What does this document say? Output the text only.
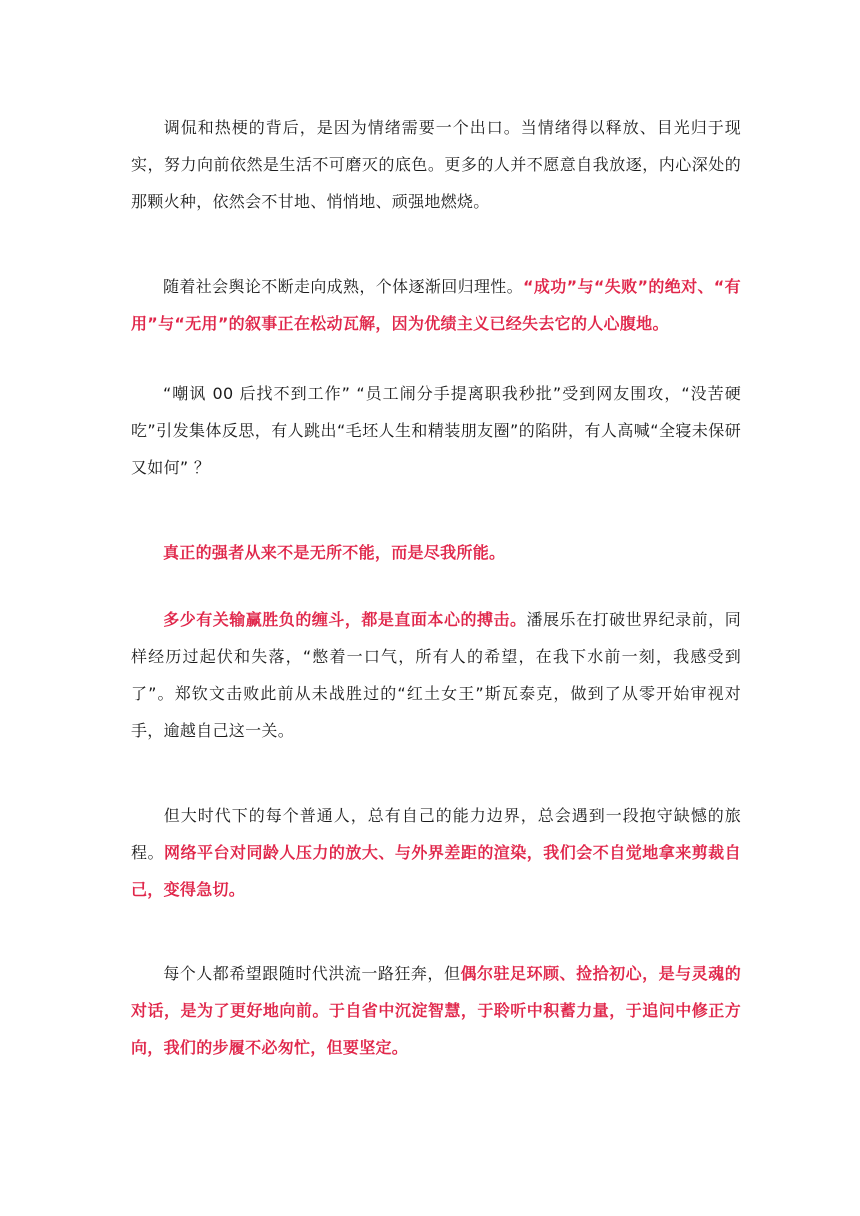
调侃和热梗的背后，是因为情绪需要一个出口。当情绪得以释放、目光归于现实，努力向前依然是生活不可磨灭的底色。更多的人并不愿意自我放逐，内心深处的那颗火种，依然会不甘地、悄悄地、顽强地燃烧。

随着社会舆论不断走向成熟，个体逐渐回归理性。“成功”与“失败”的绝对、“有用”与“无用”的叙事正在松动瓦解，因为优绩主义已经失去它的人心腹地。

“嘲讽 00 后找不到工作” “员工闹分手提离职我秒批”受到网友围攻，“没苦硬吃”引发集体反思，有人跳出“毛坯人生和精装朋友圈”的陷阱，有人高喊“全寝未保研又如何” ？

真正的强者从来不是无所不能，而是尽我所能。

多少有关输赢胜负的缠斗，都是直面本心的搏击。潘展乐在打破世界纪录前，同样经历过起伏和失落，“憋着一口气，所有人的希望，在我下水前一刻，我感受到了”。郑钦文击败此前从未战胜过的“红土女王”斯瓦泰克，做到了从零开始审视对手，逾越自己这一关。

但大时代下的每个普通人，总有自己的能力边界，总会遇到一段抱守缺憾的旅程。网络平台对同龄人压力的放大、与外界差距的渲染，我们会不自觉地拿来剪裁自己，变得急切。

每个人都希望跟随时代洪流一路狂奔，但偶尔驻足环顾、捡拾初心，是与灵魂的对话，是为了更好地向前。于自省中沉淀智慧，于聆听中积蓄力量，于追问中修正方向，我们的步履不必匆忙，但要坚定。
